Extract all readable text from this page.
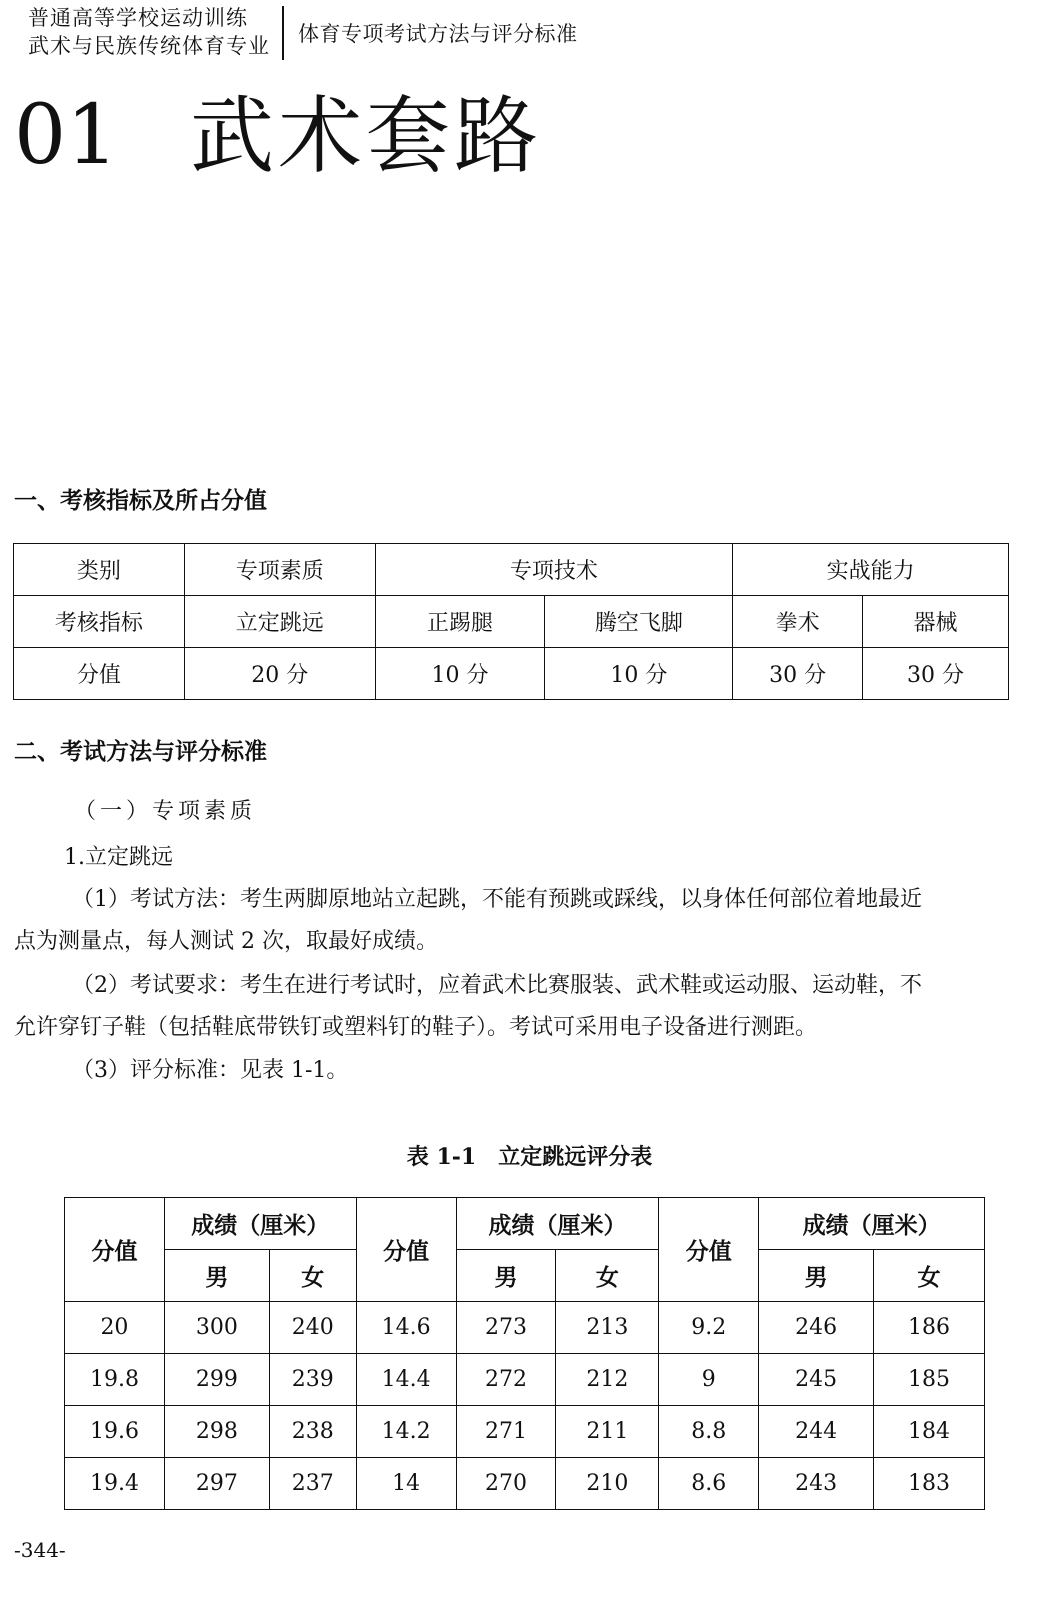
普通高等学校运动训练
武术与民族传统体育专业 体育专项考试方法与评分标准
01 武术套路
一、考核指标及所占分值
类别	专项素质	专项技术		实战能力	
考核指标	立定跳远	正踢腿	腾空飞脚	拳术	器械
分值	20 分	10 分	10 分	30 分	30 分
二、考试方法与评分标准
（一）专项素质
1.立定跳远
（1）考试方法：考生两脚原地站立起跳，不能有预跳或踩线，以身体任何部位着地最近
点为测量点，每人测试 2 次，取最好成绩。
（2）考试要求：考生在进行考试时，应着武术比赛服装、武术鞋或运动服、运动鞋，不
允许穿钉子鞋（包括鞋底带铁钉或塑料钉的鞋子）。考试可采用电子设备进行测距。
（3）评分标准：见表 1-1。
表 1-1　立定跳远评分表
分值	成绩（厘米）		分值	成绩（厘米）		分值	成绩（厘米）	
	男	女		男	女		男	女
20	300	240	14.6	273	213	9.2	246	186
19.8	299	239	14.4	272	212	9	245	185
19.6	298	238	14.2	271	211	8.8	244	184
19.4	297	237	14	270	210	8.6	243	183
-344-
